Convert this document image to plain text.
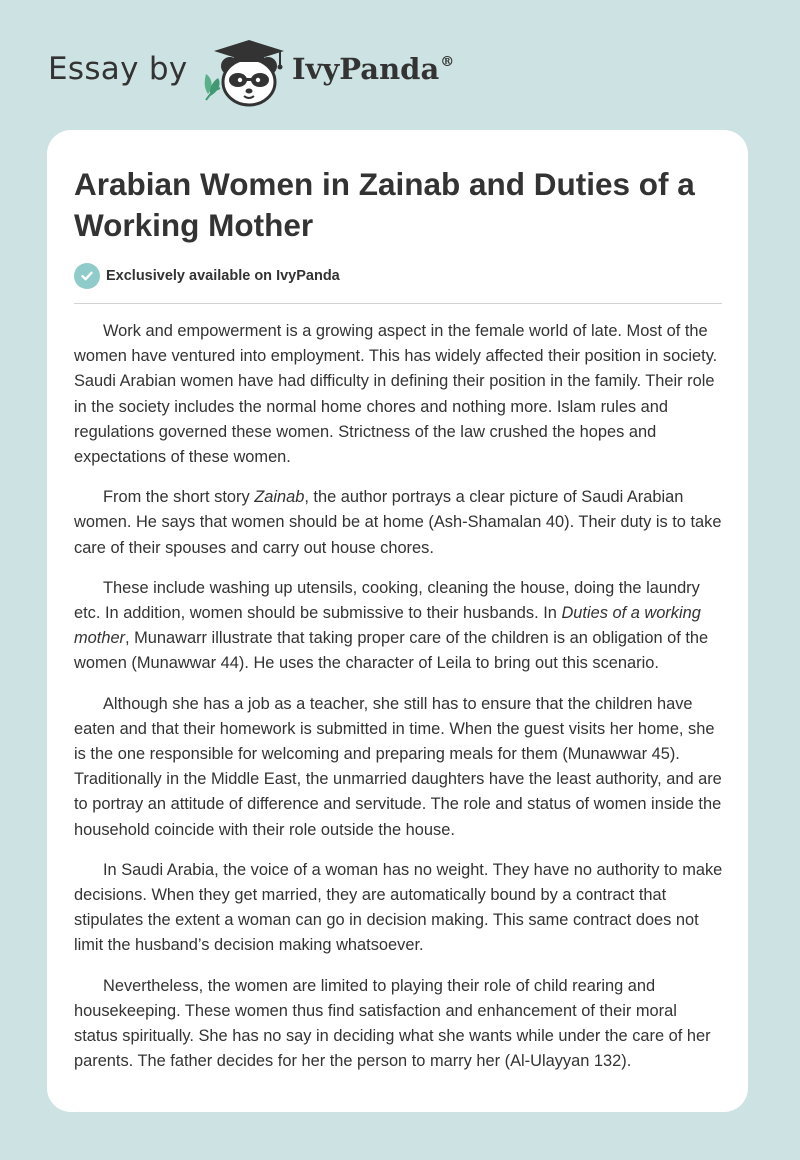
Essay by	IvyPanda®
Arabian Women in Zainab and Duties of a Working Mother
Exclusively available on IvyPanda

Work and empowerment is a growing aspect in the female world of late. Most of the women have ventured into employment. This has widely affected their position in society. Saudi Arabian women have had difficulty in defining their position in the family. Their role in the society includes the normal home chores and nothing more. Islam rules and regulations governed these women. Strictness of the law crushed the hopes and expectations of these women.

From the short story Zainab, the author portrays a clear picture of Saudi Arabian women. He says that women should be at home (Ash-Shamalan 40). Their duty is to take care of their spouses and carry out house chores.

These include washing up utensils, cooking, cleaning the house, doing the laundry etc. In addition, women should be submissive to their husbands. In Duties of a working mother, Munawarr illustrate that taking proper care of the children is an obligation of the women (Munawwar 44). He uses the character of Leila to bring out this scenario.

Although she has a job as a teacher, she still has to ensure that the children have eaten and that their homework is submitted in time. When the guest visits her home, she is the one responsible for welcoming and preparing meals for them (Munawwar 45). Traditionally in the Middle East, the unmarried daughters have the least authority, and are to portray an attitude of difference and servitude. The role and status of women inside the household coincide with their role outside the house.

In Saudi Arabia, the voice of a woman has no weight. They have no authority to make decisions. When they get married, they are automatically bound by a contract that stipulates the extent a woman can go in decision making. This same contract does not limit the husband’s decision making whatsoever.

Nevertheless, the women are limited to playing their role of child rearing and housekeeping. These women thus find satisfaction and enhancement of their moral status spiritually. She has no say in deciding what she wants while under the care of her parents. The father decides for her the person to marry her (Al-Ulayyan 132).
